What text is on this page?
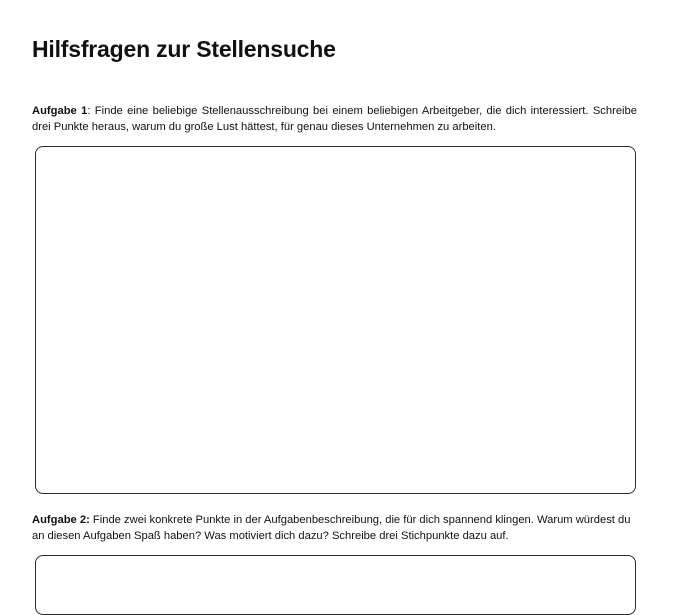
Hilfsfragen zur Stellensuche

Aufgabe 1: Finde eine beliebige Stellenausschreibung bei einem beliebigen Arbeitgeber, die dich interessiert. Schreibe drei Punkte heraus, warum du große Lust hättest, für genau dieses Unternehmen zu arbeiten.

Aufgabe 2: Finde zwei konkrete Punkte in der Aufgabenbeschreibung, die für dich spannend klingen. Warum würdest du an diesen Aufgaben Spaß haben? Was motiviert dich dazu? Schreibe drei Stichpunkte dazu auf.
